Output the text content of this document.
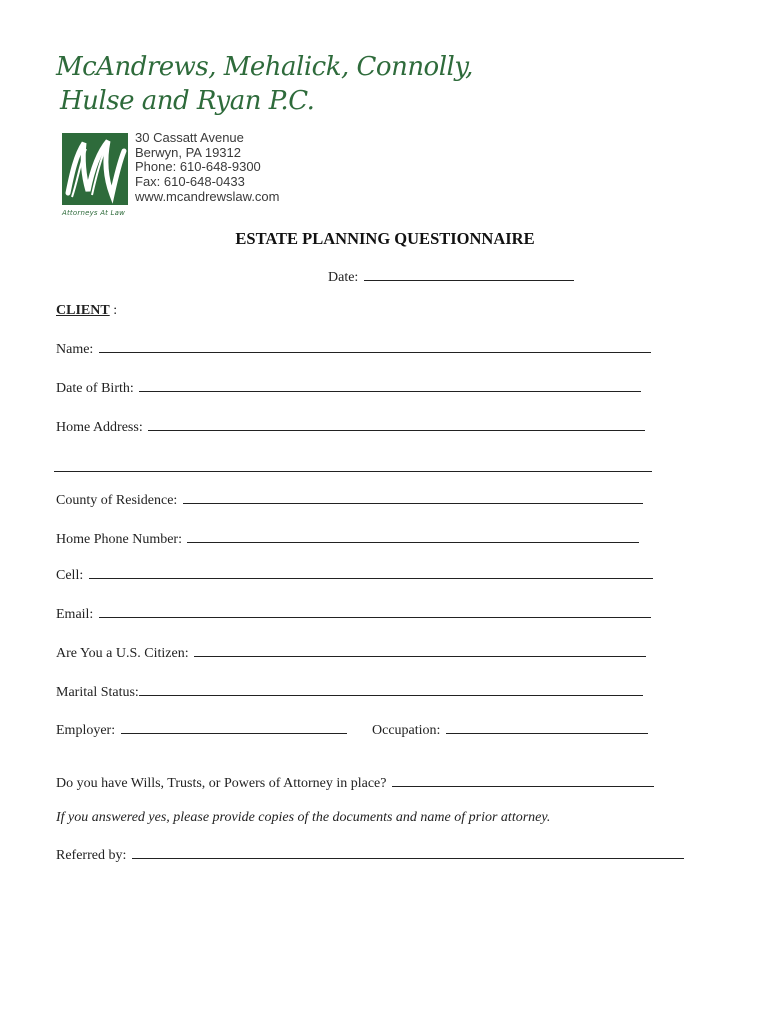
McAndrews, Mehalick, Connolly,
Hulse and Ryan P.C.
Attorneys At Law
30 Cassatt Avenue
Berwyn, PA 19312
Phone: 610-648-9300
Fax: 610-648-0433
www.mcandrewslaw.com
ESTATE PLANNING QUESTIONNAIRE
Date:
CLIENT :
Name:
Date of Birth:
Home Address:
County of Residence:
Home Phone Number:
Cell:
Email:
Are You a U.S. Citizen:
Marital Status:
Employer:	Occupation:
Do you have Wills, Trusts, or Powers of Attorney in place?
If you answered yes, please provide copies of the documents and name of prior attorney.
Referred by:
